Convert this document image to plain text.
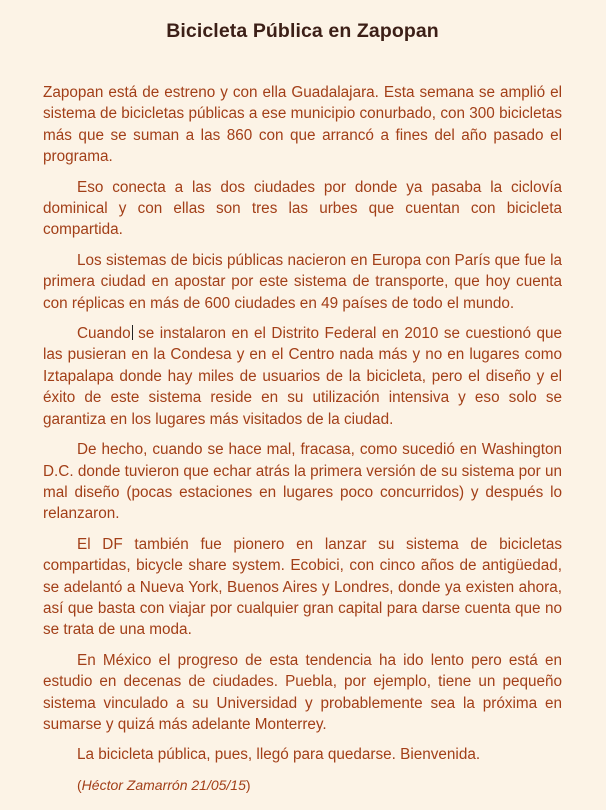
Bicicleta Pública en Zapopan

Zapopan está de estreno y con ella Guadalajara. Esta semana se amplió el sistema de bicicletas públicas a ese municipio conurbado, con 300 bicicletas más que se suman a las 860 con que arrancó a fines del año pasado el programa.

Eso conecta a las dos ciudades por donde ya pasaba la ciclovía dominical y con ellas son tres las urbes que cuentan con bicicleta compartida.

Los sistemas de bicis públicas nacieron en Europa con París que fue la primera ciudad en apostar por este sistema de transporte, que hoy cuenta con réplicas en más de 600 ciudades en 49 países de todo el mundo.

Cuando se instalaron en el Distrito Federal en 2010 se cuestionó que las pusieran en la Condesa y en el Centro nada más y no en lugares como Iztapalapa donde hay miles de usuarios de la bicicleta, pero el diseño y el éxito de este sistema reside en su utilización intensiva y eso solo se garantiza en los lugares más visitados de la ciudad.

De hecho, cuando se hace mal, fracasa, como sucedió en Washington D.C. donde tuvieron que echar atrás la primera versión de su sistema por un mal diseño (pocas estaciones en lugares poco concurridos) y después lo relanzaron.

El DF también fue pionero en lanzar su sistema de bicicletas compartidas, bicycle share system. Ecobici, con cinco años de antigüedad, se adelantó a Nueva York, Buenos Aires y Londres, donde ya existen ahora, así que basta con viajar por cualquier gran capital para darse cuenta que no se trata de una moda.

En México el progreso de esta tendencia ha ido lento pero está en estudio en decenas de ciudades. Puebla, por ejemplo, tiene un pequeño sistema vinculado a su Universidad y probablemente sea la próxima en sumarse y quizá más adelante Monterrey.

La bicicleta pública, pues, llegó para quedarse. Bienvenida.

(Héctor Zamarrón 21/05/15)
